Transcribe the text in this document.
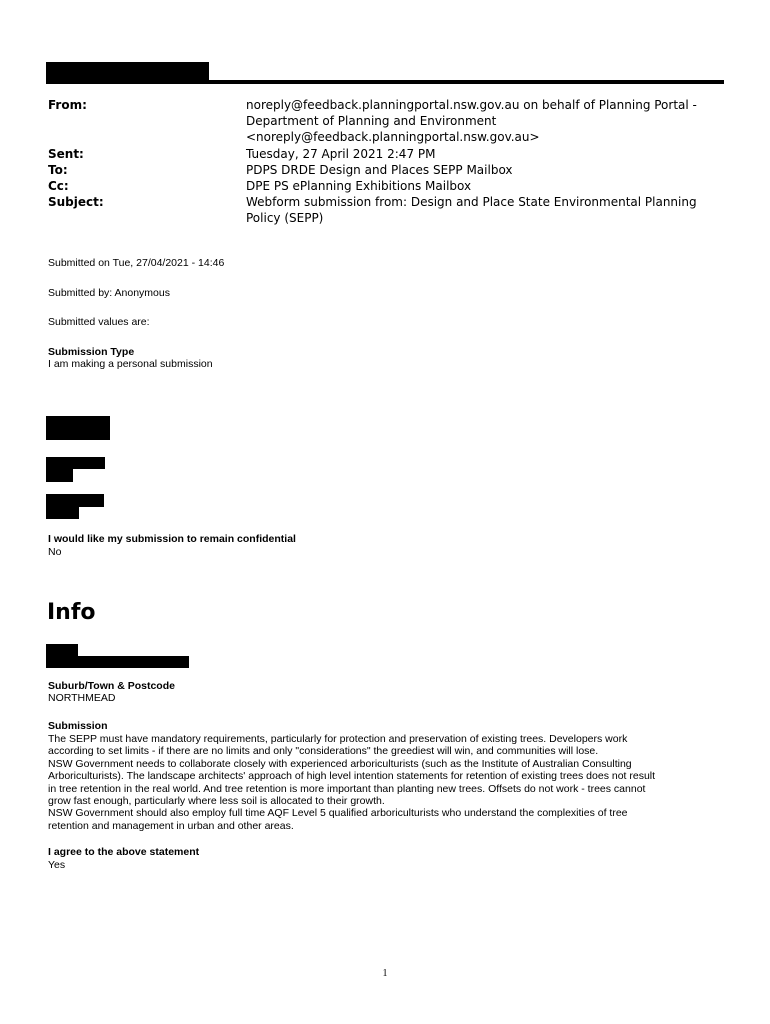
From:	noreply@feedback.planningportal.nsw.gov.au on behalf of Planning Portal - Department of Planning and Environment <noreply@feedback.planningportal.nsw.gov.au>
Sent:	Tuesday, 27 April 2021 2:47 PM
To:	PDPS DRDE Design and Places SEPP Mailbox
Cc:	DPE PS ePlanning Exhibitions Mailbox
Subject:	Webform submission from: Design and Place State Environmental Planning Policy (SEPP)
Submitted on Tue, 27/04/2021 - 14:46
Submitted by: Anonymous
Submitted values are:
Submission Type
I am making a personal submission
I would like my submission to remain confidential
No
Info
Suburb/Town & Postcode
NORTHMEAD
Submission
The SEPP must have mandatory requirements, particularly for protection and preservation of existing trees. Developers work
according to set limits - if there are no limits and only "considerations" the greediest will win, and communities will lose.
NSW Government needs to collaborate closely with experienced arboriculturists (such as the Institute of Australian Consulting
Arboriculturists). The landscape architects' approach of high level intention statements for retention of existing trees does not result
in tree retention in the real world. And tree retention is more important than planting new trees. Offsets do not work - trees cannot
grow fast enough, particularly where less soil is allocated to their growth.
NSW Government should also employ full time AQF Level 5 qualified arboriculturists who understand the complexities of tree
retention and management in urban and other areas.
I agree to the above statement
Yes
1
